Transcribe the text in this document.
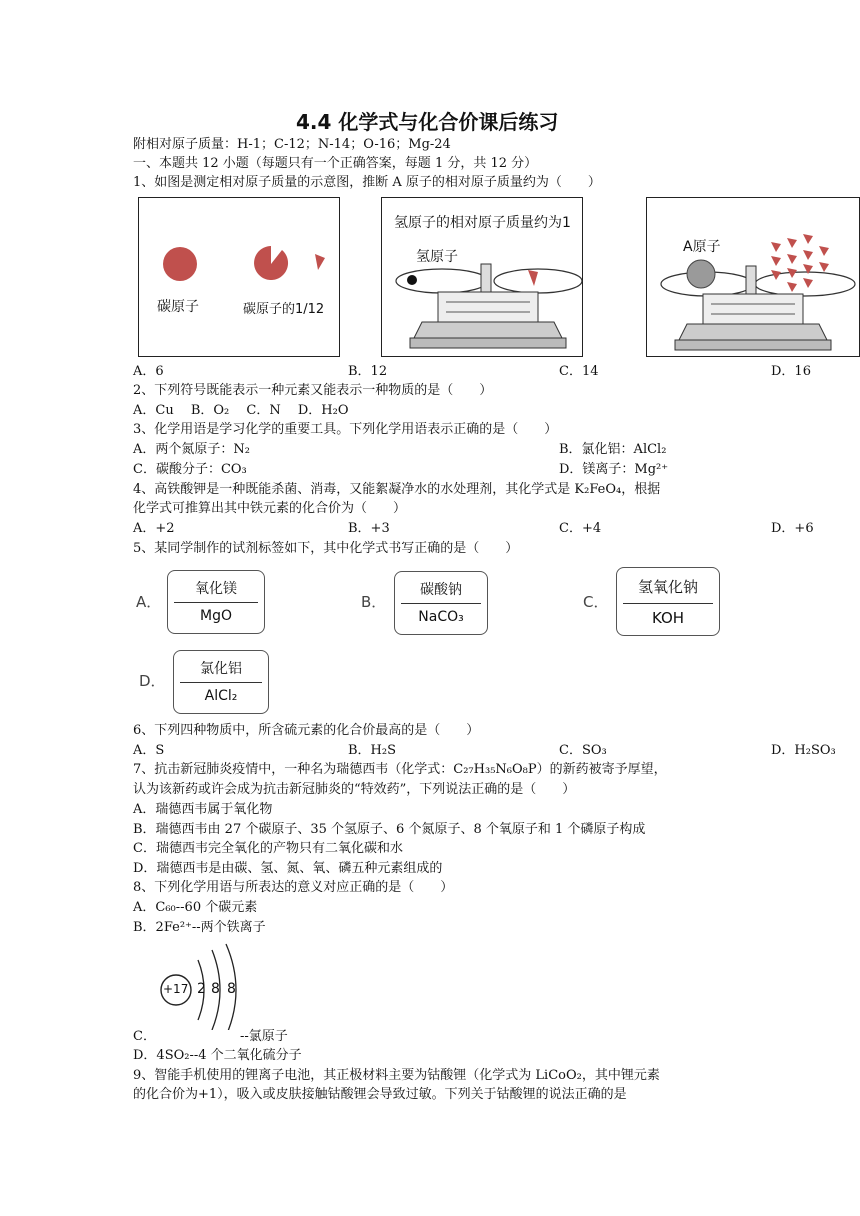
4.4 化学式与化合价课后练习
附相对原子质量：H-1；C-12；N-14；O-16；Mg-24
一、本题共 12 小题（每题只有一个正确答案，每题 1 分，共 12 分）
1、如图是测定相对原子质量的示意图，推断 A 原子的相对原子质量约为（　　）
碳原子	碳原子的1/12
氢原子的相对原子质量约为1
氢原子
A原子
A．6	B．12	C．14	D．16
2、下列符号既能表示一种元素又能表示一种物质的是（　　）
A．Cu　 B．O₂　 C．N　 D．H₂O
3、化学用语是学习化学的重要工具。下列化学用语表示正确的是（　　）
A．两个氮原子：N₂	B．氯化铝：AlCl₂
C．碳酸分子：CO₃	D．镁离子：Mg²⁺
4、高铁酸钾是一种既能杀菌、消毒，又能絮凝净水的水处理剂，其化学式是 K₂FeO₄，根据
化学式可推算出其中铁元素的化合价为（　　）
A．+2	B．+3	C．+4	D．+6
5、某同学制作的试剂标签如下，其中化学式书写正确的是（　　）
A．
氧化镁
MgO
B．
碳酸钠
NaCO₃
C．
氢氧化钠
KOH
D．
氯化铝
AlCl₂
6、下列四种物质中，所含硫元素的化合价最高的是（　　）
A．S	B．H₂S	C．SO₃	D．H₂SO₃
7、抗击新冠肺炎疫情中，一种名为瑞德西韦（化学式：C₂₇H₃₅N₆O₈P）的新药被寄予厚望，
认为该新药或许会成为抗击新冠肺炎的“特效药”，下列说法正确的是（　　）
A．瑞德西韦属于氧化物
B．瑞德西韦由 27 个碳原子、35 个氢原子、6 个氮原子、8 个氧原子和 1 个磷原子构成
C．瑞德西韦完全氧化的产物只有二氧化碳和水
D．瑞德西韦是由碳、氢、氮、氧、磷五种元素组成的
8、下列化学用语与所表达的意义对应正确的是（　　）
A．C₆₀--60 个碳元素
B．2Fe²⁺--两个铁离子
+17 2 8 8
C．	--氯原子
D．4SO₂--4 个二氧化硫分子
9、智能手机使用的锂离子电池，其正极材料主要为钴酸锂（化学式为 LiCoO₂，其中锂元素
的化合价为+1），吸入或皮肤接触钴酸锂会导致过敏。下列关于钴酸锂的说法正确的是
